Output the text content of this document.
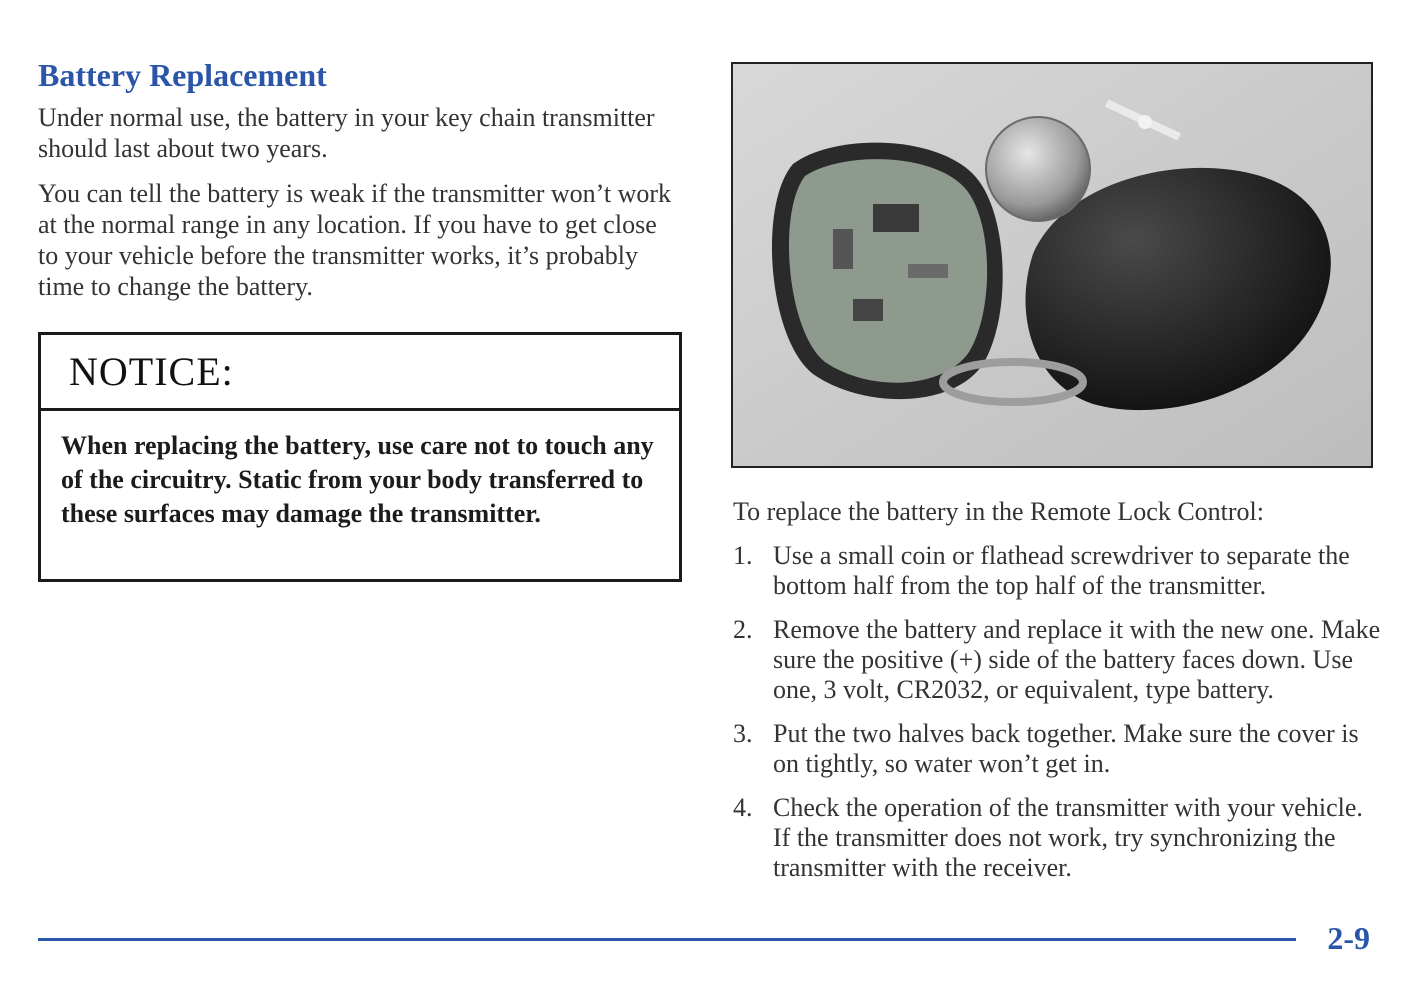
Battery Replacement

Under normal use, the battery in your key chain transmitter should last about two years.

You can tell the battery is weak if the transmitter won’t work at the normal range in any location. If you have to get close to your vehicle before the transmitter works, it’s probably time to change the battery.

NOTICE:
When replacing the battery, use care not to touch any of the circuitry. Static from your body transferred to these surfaces may damage the transmitter.	To replace the battery in the Remote Lock Control:

1. Use a small coin or flathead screwdriver to separate the bottom half from the top half of the transmitter.
2. Remove the battery and replace it with the new one. Make sure the positive (+) side of the battery faces down. Use one, 3 volt, CR2032, or equivalent, type battery.
3. Put the two halves back together. Make sure the cover is on tightly, so water won’t get in.
4. Check the operation of the transmitter with your vehicle. If the transmitter does not work, try synchronizing the transmitter with the receiver.
2-9
